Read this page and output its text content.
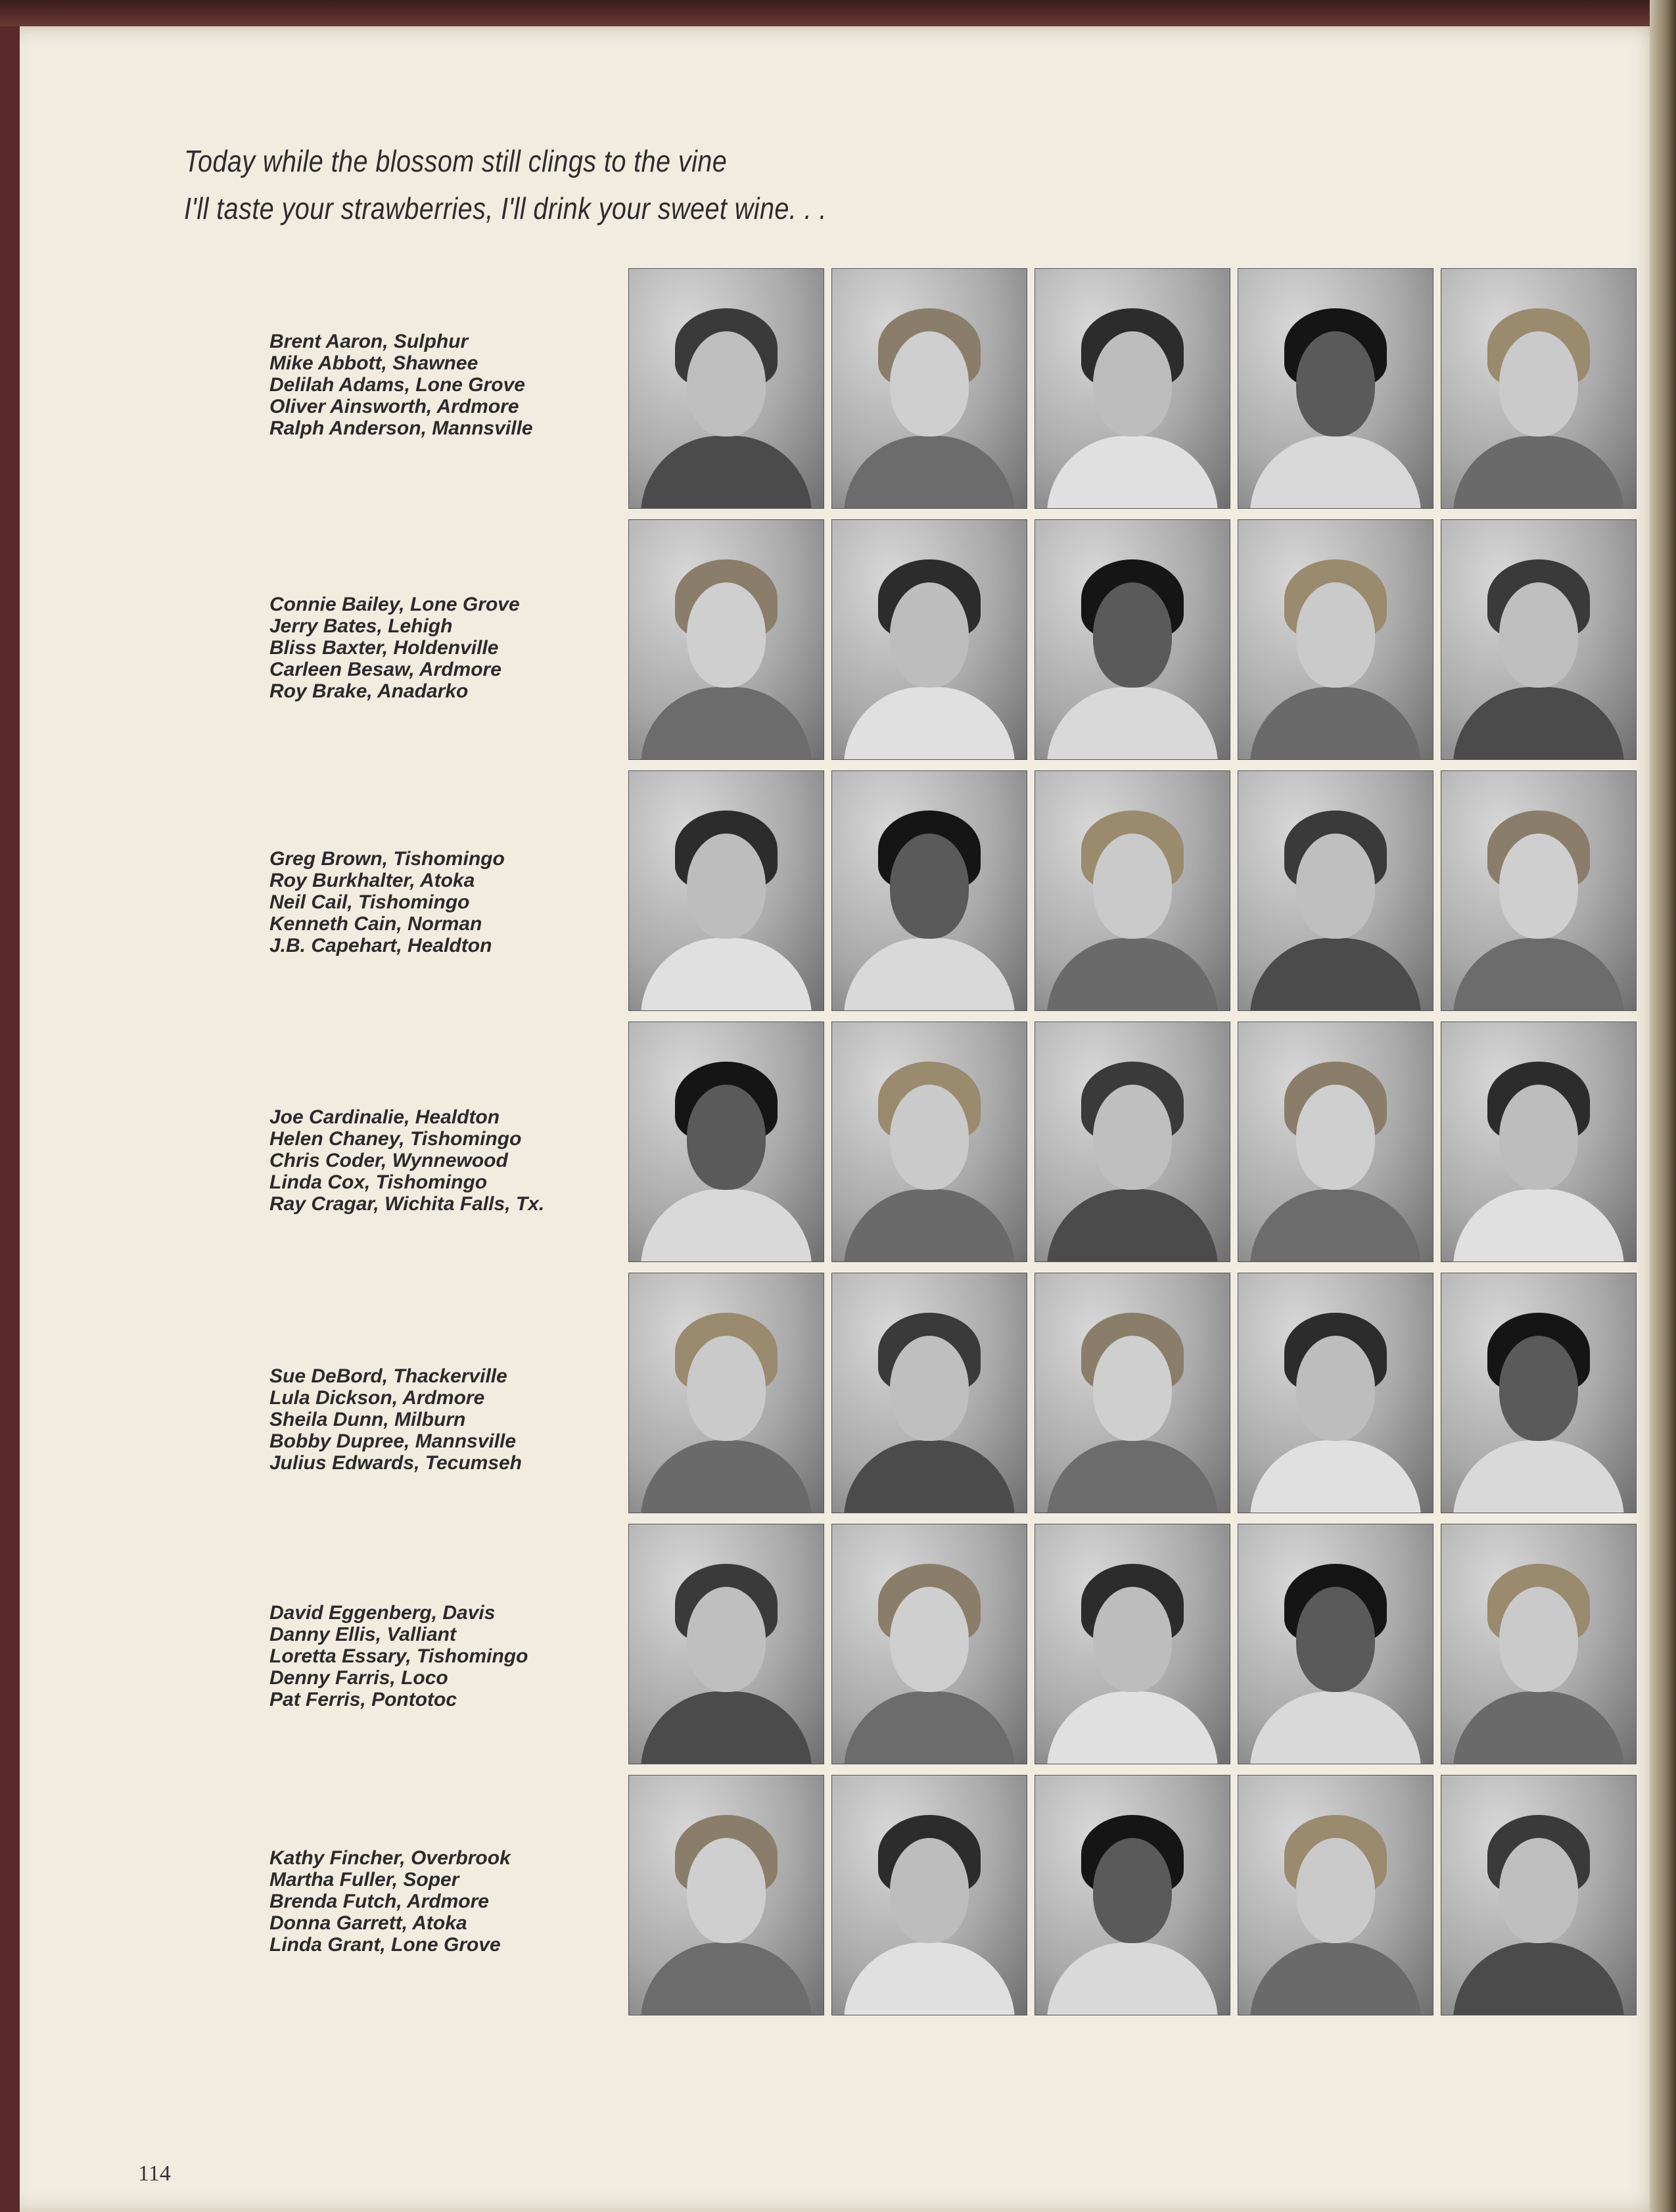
Today while the blossom still clings to the vine
I'll taste your strawberries, I'll drink your sweet wine. . .
Brent Aaron, Sulphur
Mike Abbott, Shawnee
Delilah Adams, Lone Grove
Oliver Ainsworth, Ardmore
Ralph Anderson, Mannsville
Connie Bailey, Lone Grove
Jerry Bates, Lehigh
Bliss Baxter, Holdenville
Carleen Besaw, Ardmore
Roy Brake, Anadarko
Greg Brown, Tishomingo
Roy Burkhalter, Atoka
Neil Cail, Tishomingo
Kenneth Cain, Norman
J.B. Capehart, Healdton
Joe Cardinalie, Healdton
Helen Chaney, Tishomingo
Chris Coder, Wynnewood
Linda Cox, Tishomingo
Ray Cragar, Wichita Falls, Tx.
Sue DeBord, Thackerville
Lula Dickson, Ardmore
Sheila Dunn, Milburn
Bobby Dupree, Mannsville
Julius Edwards, Tecumseh
David Eggenberg, Davis
Danny Ellis, Valliant
Loretta Essary, Tishomingo
Denny Farris, Loco
Pat Ferris, Pontotoc
Kathy Fincher, Overbrook
Martha Fuller, Soper
Brenda Futch, Ardmore
Donna Garrett, Atoka
Linda Grant, Lone Grove
114
